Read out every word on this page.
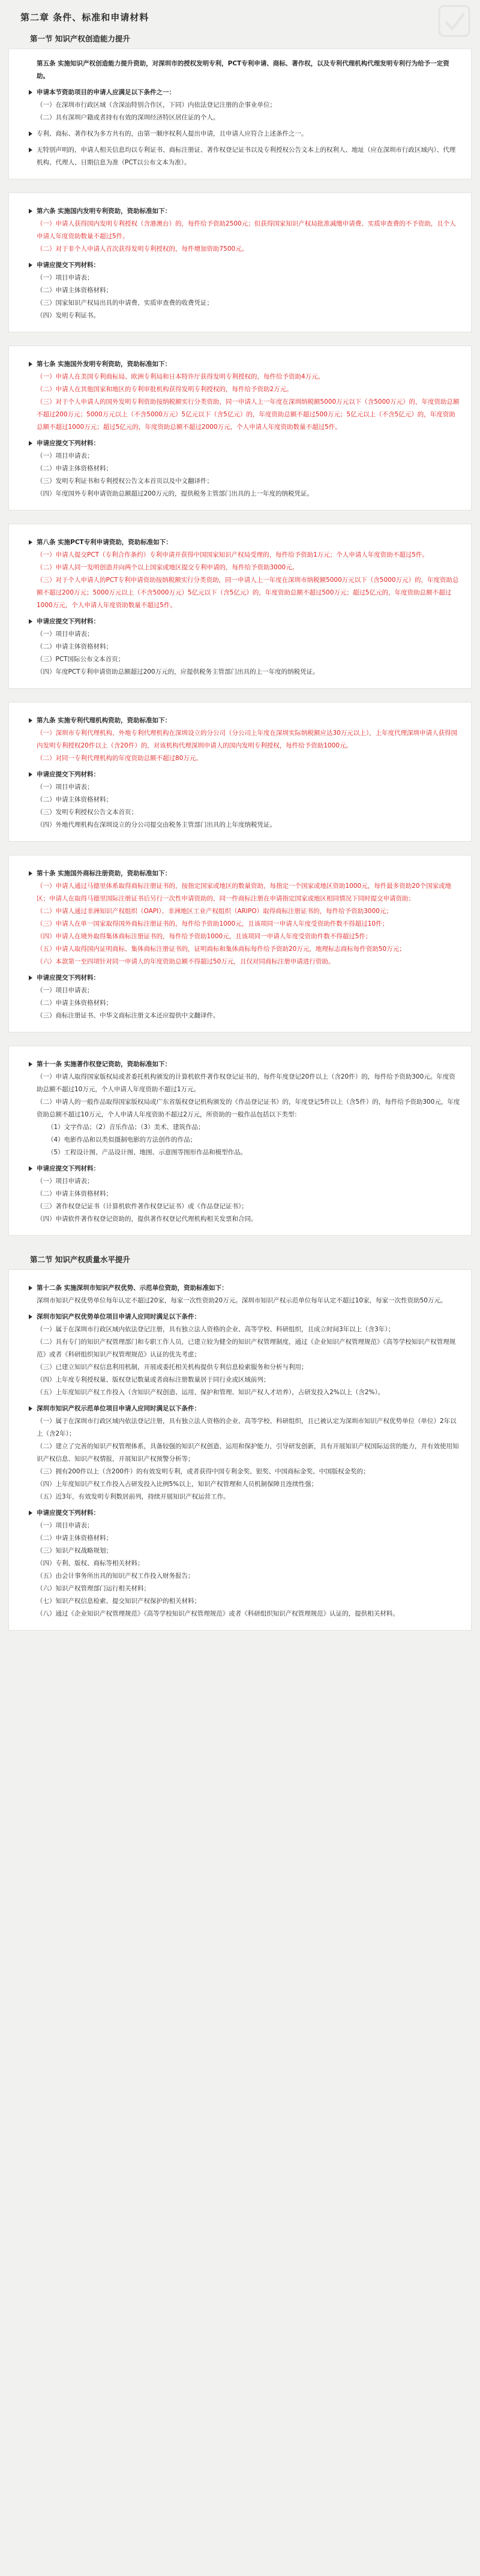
第二章 条件、标准和申请材料
第一节 知识产权创造能力提升
第五条 实施知识产权创造能力提升资助，对深圳市的授权发明专利，PCT专利申请、商标、著作权，以及专利代理机构代理发明专利行为给予一定资助。
申请本节资助项目的申请人应满足以下条件之一：
（一）在深圳市行政区域（含深汕特别合作区，下同）内依法登记注册的企事业单位；
（二）具有深圳户籍或者持有有效的深圳经济特区居住证的个人。
专利、商标、著作权为多方共有的，由第一顺序权利人提出申请，且申请人应符合上述条件之一。
无特别声明的，申请人相关信息均以专利证书、商标注册证、著作权登记证书以及专利授权公告文本上的权利人、地址（应在深圳市行政区域内）、代理机构、代理人、日期信息为准（PCT以公布文本为准）。
第六条 实施国内发明专利资助，资助标准如下：
（一）申请人获得国内发明专利授权（含港澳台）的，每件给予资助2500元；但获得国家知识产权局批准减缴申请费、实质审查费的不予资助，且个人申请人年度资助数量不超过5件。
（二）对于非个人申请人首次获得发明专利授权的，每件增加资助7500元。
申请应提交下列材料：
（一）项目申请表；
（二）申请主体资格材料；
（三）国家知识产权局出具的申请费、实质审查费的收费凭证；
（四）发明专利证书。
第七条 实施国外发明专利资助，资助标准如下：
（一）申请人在美国专利商标局、欧洲专利局和日本特许厅获得发明专利授权的，每件给予资助4万元。
（二）申请人在其他国家和地区的专利审批机构获得发明专利授权的，每件给予资助2万元。
（三）对于个人申请人的国外发明专利资助按纳税额实行分类资助，同一申请人上一年度在深圳纳税额5000万元以下（含5000万元）的，年度资助总额不超过200万元；5000万元以上（不含5000万元）5亿元以下（含5亿元）的，年度资助总额不超过500万元；5亿元以上（不含5亿元）的，年度资助总额不超过1000万元；超过5亿元的，年度资助总额不超过2000万元，个人申请人年度资助数量不超过5件。
申请应提交下列材料：
（一）项目申请表；
（二）申请主体资格材料；
（三）发明专利证书和专利授权公告文本首页以及中文翻译件；
（四）年度国外专利申请资助总额超过200万元的，提供税务主管部门出具的上一年度的纳税凭证。
第八条 实施PCT专利申请资助，资助标准如下：
（一）申请人提交PCT（专利合作条约）专利申请并获得中国国家知识产权局受理的，每件给予资助1万元；个人申请人年度资助不超过5件。
（二）申请人同一发明创造并向两个以上国家或地区提交专利申请的，每件给予资助3000元。
（三）对于个人申请人的PCT专利申请资助按纳税额实行分类资助，同一申请人上一年度在深圳市纳税额5000万元以下（含5000万元）的，年度资助总额不超过200万元；5000万元以上（不含5000万元）5亿元以下（含5亿元）的，年度资助总额不超过500万元；超过5亿元的，年度资助总额不超过1000万元，个人申请人年度资助数量不超过5件。
申请应提交下列材料：
（一）项目申请表；
（二）申请主体资格材料；
（三）PCT国际公布文本首页；
（四）年度PCT专利申请资助总额超过200万元的，应提供税务主管部门出具的上一年度的纳税凭证。
第九条 实施专利代理机构资助，资助标准如下：
（一）深圳市专利代理机构、外地专利代理机构在深圳设立的分公司（分公司上年度在深圳实际纳税额应达30万元以上），上年度代理深圳申请人获得国内发明专利授权20件以上（含20件）的，对该机构代理深圳申请人的国内发明专利授权，每件给予资助1000元。
（二）对同一专利代理机构的年度资助总额不超过80万元。
申请应提交下列材料：
（一）项目申请表；
（二）申请主体资格材料；
（三）发明专利授权公告文本首页；
（四）外地代理机构在深圳设立的分公司提交由税务主管部门出具的上年度纳税凭证。
第十条 实施国外商标注册资助，资助标准如下：
（一）申请人通过马德里体系取得商标注册证书的，按指定国家或地区的数量资助，每指定一个国家或地区资助1000元，每件最多资助20个国家或地区；申请人在取得马德里国际注册证书后另行一次性申请资助的，同一件商标注册在申请指定国家或地区相同情况下同时提交申请资助；
（二）申请人通过非洲知识产权组织（OAPI）、非洲地区工业产权组织（ARIPO）取得商标注册证书的，每件给予资助3000元；
（三）申请人在单一国家取得国外商标注册证书的，每件给予资助1000元，且该项同一申请人年度受资助件数不得超过10件；
（四）申请人在境外取得集体商标注册证书的，每件给予资助1000元，且该项同一申请人年度受资助件数不得超过5件；
（五）申请人取得国内证明商标、集体商标注册证书的，证明商标和集体商标每件给予资助20万元，地理标志商标每件资助50万元；
（六）本款第一至四项针对同一申请人的年度资助总额不得超过50万元，且仅对同商标注册申请进行资助。
申请应提交下列材料：
（一）项目申请表；
（二）申请主体资格材料；
（三）商标注册证书、中华文商标注册文本还应提供中文翻译件。
第十一条 实施著作权登记资助，资助标准如下：
（一）申请人取得国家版权局或者委托机构颁发的计算机软件著作权登记证书的，每件年度登记20件以上（含20件）的，每件给予资助300元。年度资助总额不超过10万元，个人申请人年度资助不超过1万元。
（二）申请人的一般作品取得国家版权局或广东省版权登记机构颁发的《作品登记证书》的，年度登记5件以上（含5件）的，每件给予资助300元，年度资助总额不超过10万元，个人申请人年度资助不超过2万元，所资助的一般作品包括以下类型：
（1）文字作品；（2）音乐作品；（3）美术、建筑作品；
（4）电影作品和以类似摄制电影的方法创作的作品；
（5）工程设计图、产品设计图、地图、示意图等图形作品和模型作品。
申请应提交下列材料：
（一）项目申请表；
（二）申请主体资格材料；
（三）著作权登记证书（计算机软件著作权登记证书）或《作品登记证书》；
（四）申请软件著作权登记资助的，提供著作权登记代理机构相关发票和合同。
第二节 知识产权质量水平提升
第十二条 实施深圳市知识产权优势、示范单位资助，资助标准如下：
深圳市知识产权优势单位每年认定不超过20家，每家一次性资助20万元。深圳市知识产权示范单位每年认定不超过10家，每家一次性资助50万元。
深圳市知识产权优势单位项目申请人应同时满足以下条件：
（一）属于在深圳市行政区域内依法登记注册，具有独立法人资格的企业、高等学校、科研组织，且成立时间3年以上（含3年）；
（二）具有专门的知识产权管理部门和专职工作人员，已建立较为健全的知识产权管理制度，通过《企业知识产权管理规范》《高等学校知识产权管理规范》或者《科研组织知识产权管理规范》认证的优先考虑；
（三）已建立知识产权信息利用机制，开展或委托相关机构提供专利信息检索服务和分析与利用；
（四）上年度专利授权量、版权登记数量或者商标注册数量居于同行业或区域前列；
（五）上年度知识产权工作投入（含知识产权创造、运用、保护和管理、知识产权人才培养），占研发投入2%以上（含2%）。
深圳市知识产权示范单位项目申请人应同时满足以下条件：
（一）属于在深圳市行政区域内依法登记注册，具有独立法人资格的企业、高等学校、科研组织，且已被认定为深圳市知识产权优势单位（单位）2年以上（含2年）；
（二）建立了完善的知识产权管理体系，具备较强的知识产权创造、运用和保护能力，引导研发创新，具有开展知识产权国际运营的能力，并有效使用知识产权信息、知识产权情报，开展知识产权预警分析等；
（三）拥有200件以上（含200件）的有效发明专利，或者获得中国专利金奖、银奖、中国商标金奖、中国版权金奖的；
（四）上年度知识产权工作投入占研发投入比例5%以上，知识产权管理和人员机制保障且连续性强；
（五）近3年，有效发明专利数居前列，持续开展知识产权运营工作。
申请应提交下列材料：
（一）项目申请表；
（二）申请主体资格材料；
（三）知识产权战略规划；
（四）专利、版权、商标等相关材料；
（五）由会计事务所出具的知识产权工作投入财务报告；
（六）知识产权管理部门运行相关材料；
（七）知识产权信息检索、提交知识产权保护的相关材料；
（八）通过《企业知识产权管理规范》《高等学校知识产权管理规范》或者《科研组织知识产权管理规范》认证的，提供相关材料。
